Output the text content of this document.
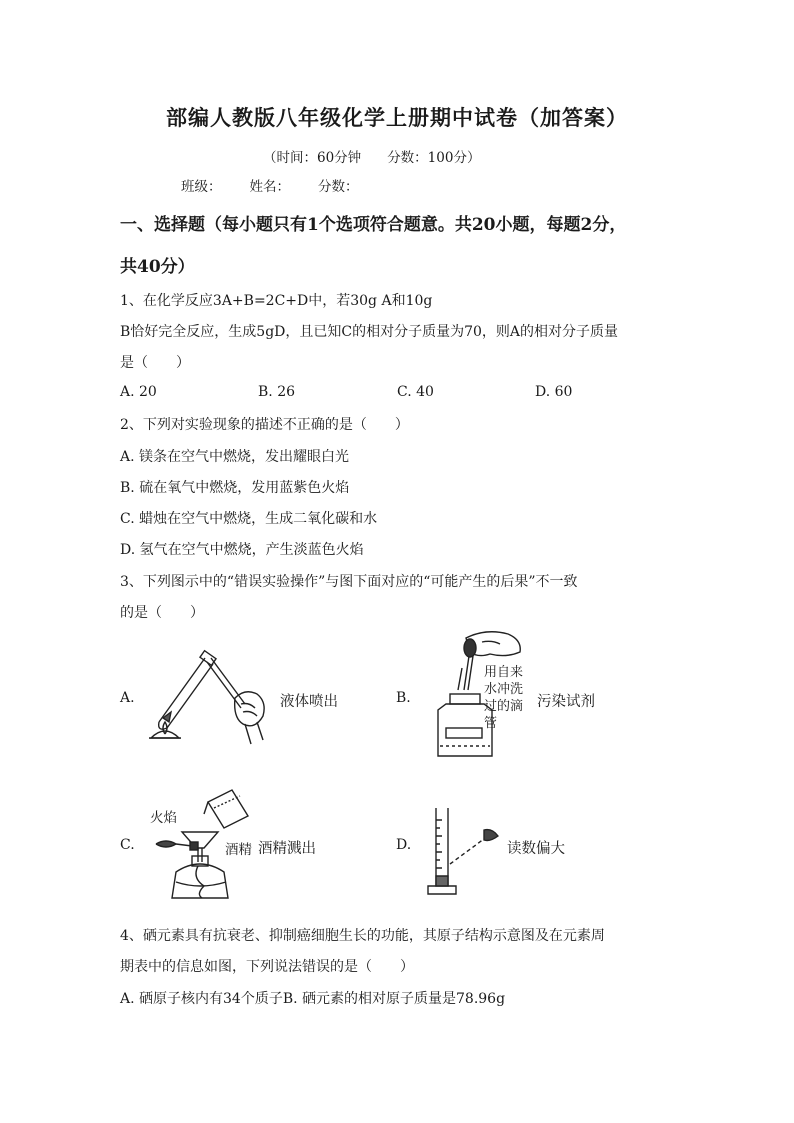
部编人教版八年级化学上册期中试卷（加答案）
（时间：60分钟 分数：100分）
班级： 姓名： 分数：
一、选择题（每小题只有1个选项符合题意。共20小题，每题2分，
共40分）
1、在化学反应3A+B=2C+D中，若30g A和10g
B恰好完全反应，生成5gD，且已知C的相对分子质量为70，则A的相对分子质量
是（　　）
A. 20	B. 26	C. 40	D. 60
2、下列对实验现象的描述不正确的是（　　）
A. 镁条在空气中燃烧，发出耀眼白光
B. 硫在氧气中燃烧，发用蓝紫色火焰
C. 蜡烛在空气中燃烧，生成二氧化碳和水
D. 氢气在空气中燃烧，产生淡蓝色火焰
3、下列图示中的“错误实验操作”与图下面对应的“可能产生的后果”不一致
的是（　　）
A.	液体喷出	B.
用自来水冲洗过的滴管
污染试剂
C.
火焰
酒精 酒精溅出	D.	读数偏大
4、硒元素具有抗衰老、抑制癌细胞生长的功能，其原子结构示意图及在元素周
期表中的信息如图，下列说法错误的是（　　）
A. 硒原子核内有34个质子B. 硒元素的相对原子质量是78.96g
